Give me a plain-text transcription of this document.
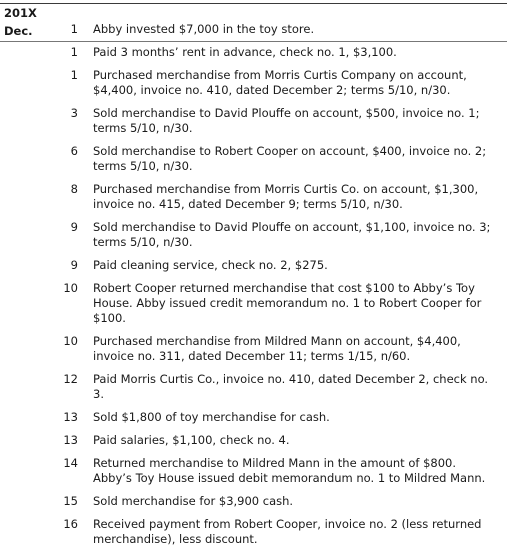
201X
Dec.	1 Abby invested $7,000 in the toy store.
1 Paid 3 months’ rent in advance, check no. 1, $3,100.
1 Purchased merchandise from Morris Curtis Company on account, $4,400, invoice no. 410, dated December 2; terms 5/10, n/30.
3 Sold merchandise to David Plouffe on account, $500, invoice no. 1; terms 5/10, n/30.
6 Sold merchandise to Robert Cooper on account, $400, invoice no. 2; terms 5/10, n/30.
8 Purchased merchandise from Morris Curtis Co. on account, $1,300, invoice no. 415, dated December 9; terms 5/10, n/30.
9 Sold merchandise to David Plouffe on account, $1,100, invoice no. 3; terms 5/10, n/30.
9 Paid cleaning service, check no. 2, $275.
10 Robert Cooper returned merchandise that cost $100 to Abby’s Toy House. Abby issued credit memorandum no. 1 to Robert Cooper for $100.
10 Purchased merchandise from Mildred Mann on account, $4,400, invoice no. 311, dated December 11; terms 1/15, n/60.
12 Paid Morris Curtis Co., invoice no. 410, dated December 2, check no. 3.
13 Sold $1,800 of toy merchandise for cash.
13 Paid salaries, $1,100, check no. 4.
14 Returned merchandise to Mildred Mann in the amount of $800. Abby’s Toy House issued debit memorandum no. 1 to Mildred Mann.
15 Sold merchandise for $3,900 cash.
16 Received payment from Robert Cooper, invoice no. 2 (less returned merchandise), less discount.
